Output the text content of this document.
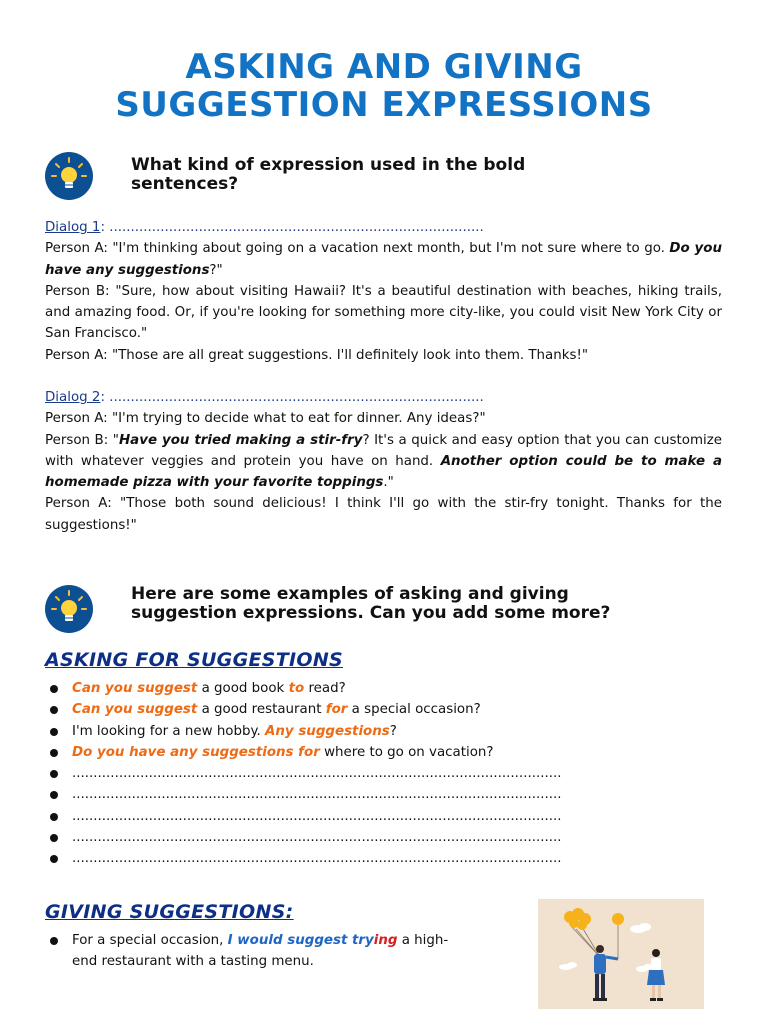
ASKING AND GIVING
SUGGESTION EXPRESSIONS
What kind of expression used in the bold
sentences?
Dialog 1: ........................................................................................
Person A: "I'm thinking about going on a vacation next month, but I'm not sure where to go. Do you have any suggestions?"
Person B: "Sure, how about visiting Hawaii? It's a beautiful destination with beaches, hiking trails, and amazing food. Or, if you're looking for something more city-like, you could visit New York City or San Francisco."
Person A: "Those are all great suggestions. I'll definitely look into them. Thanks!"
Dialog 2: ........................................................................................
Person A: "I'm trying to decide what to eat for dinner. Any ideas?"
Person B: "Have you tried making a stir-fry? It's a quick and easy option that you can customize with whatever veggies and protein you have on hand. Another option could be to make a homemade pizza with your favorite toppings."
Person A: "Those both sound delicious! I think I'll go with the stir-fry tonight. Thanks for the suggestions!"
Here are some examples of asking and giving
suggestion expressions. Can you add some more?
ASKING FOR SUGGESTIONS
Can you suggest a good book to read?
Can you suggest a good restaurant for a special occasion?
I'm looking for a new hobby. Any suggestions?
Do you have any suggestions for where to go on vacation?
...................................................................................................................
...................................................................................................................
...................................................................................................................
...................................................................................................................
...................................................................................................................
GIVING SUGGESTIONS:
For a special occasion, I would suggest trying a high-
end restaurant with a tasting menu.
